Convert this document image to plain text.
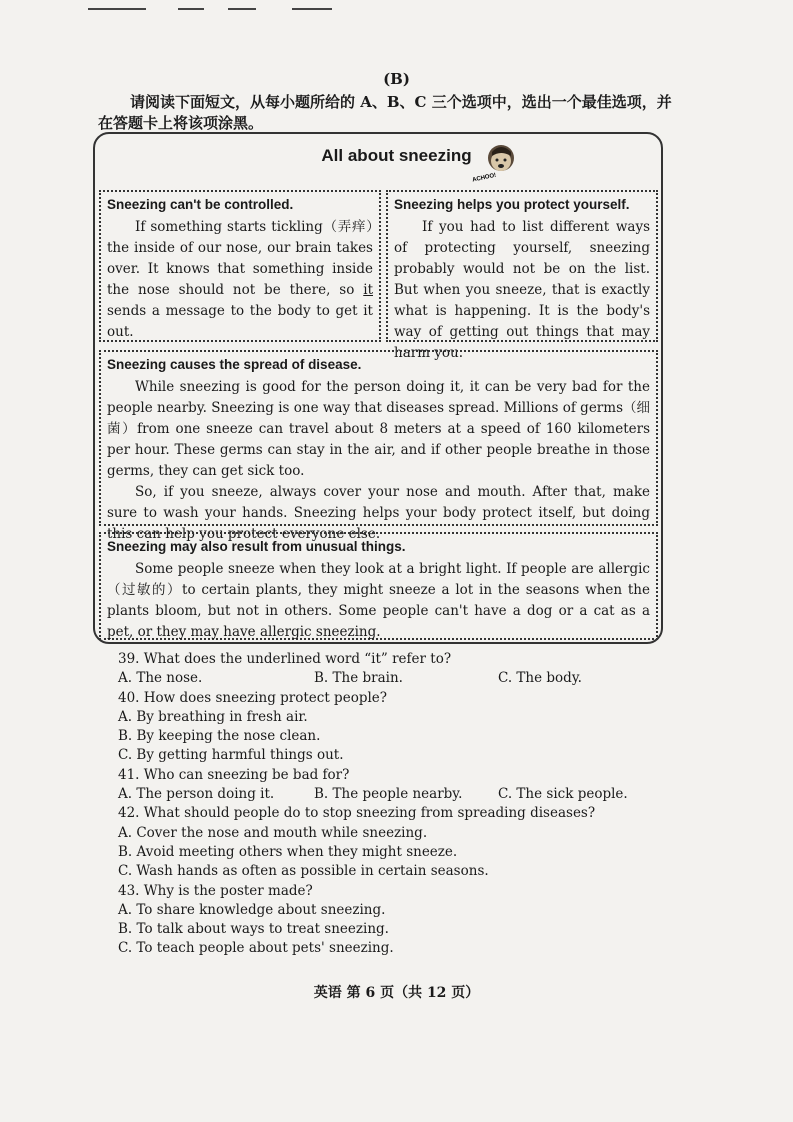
(B)
请阅读下面短文，从每小题所给的 A、B、C 三个选项中，选出一个最佳选项，并在答题卡上将该项涂黑。
All about sneezing
ACHOO!
Sneezing can't be controlled.

If something starts tickling（弄痒）the inside of our nose, our brain takes over. It knows that something inside the nose should not be there, so it sends a message to the body to get it out.

Sneezing helps you protect yourself.

If you had to list different ways of protecting yourself, sneezing probably would not be on the list. But when you sneeze, that is exactly what is happening. It is the body's way of getting out things that may harm you.

Sneezing causes the spread of disease.

While sneezing is good for the person doing it, it can be very bad for the people nearby. Sneezing is one way that diseases spread. Millions of germs（细菌）from one sneeze can travel about 8 meters at a speed of 160 kilometers per hour. These germs can stay in the air, and if other people breathe in those germs, they can get sick too.

So, if you sneeze, always cover your nose and mouth. After that, make sure to wash your hands. Sneezing helps your body protect itself, but doing this can help you protect everyone else.

Sneezing may also result from unusual things.

Some people sneeze when they look at a bright light. If people are allergic（过敏的）to certain plants, they might sneeze a lot in the seasons when the plants bloom, but not in others. Some people can't have a dog or a cat as a pet, or they may have allergic sneezing.

39. What does the underlined word “it” refer to?

A. The nose.	B. The brain.	C. The body.

40. How does sneezing protect people?

A. By breathing in fresh air.
B. By keeping the nose clean.
C. By getting harmful things out.

41. Who can sneezing be bad for?

A. The person doing it.	B. The people nearby.	C. The sick people.

42. What should people do to stop sneezing from spreading diseases?

A. Cover the nose and mouth while sneezing.
B. Avoid meeting others when they might sneeze.
C. Wash hands as often as possible in certain seasons.

43. Why is the poster made?

A. To share knowledge about sneezing.
B. To talk about ways to treat sneezing.
C. To teach people about pets' sneezing.
英语 第 6 页（共 12 页）
